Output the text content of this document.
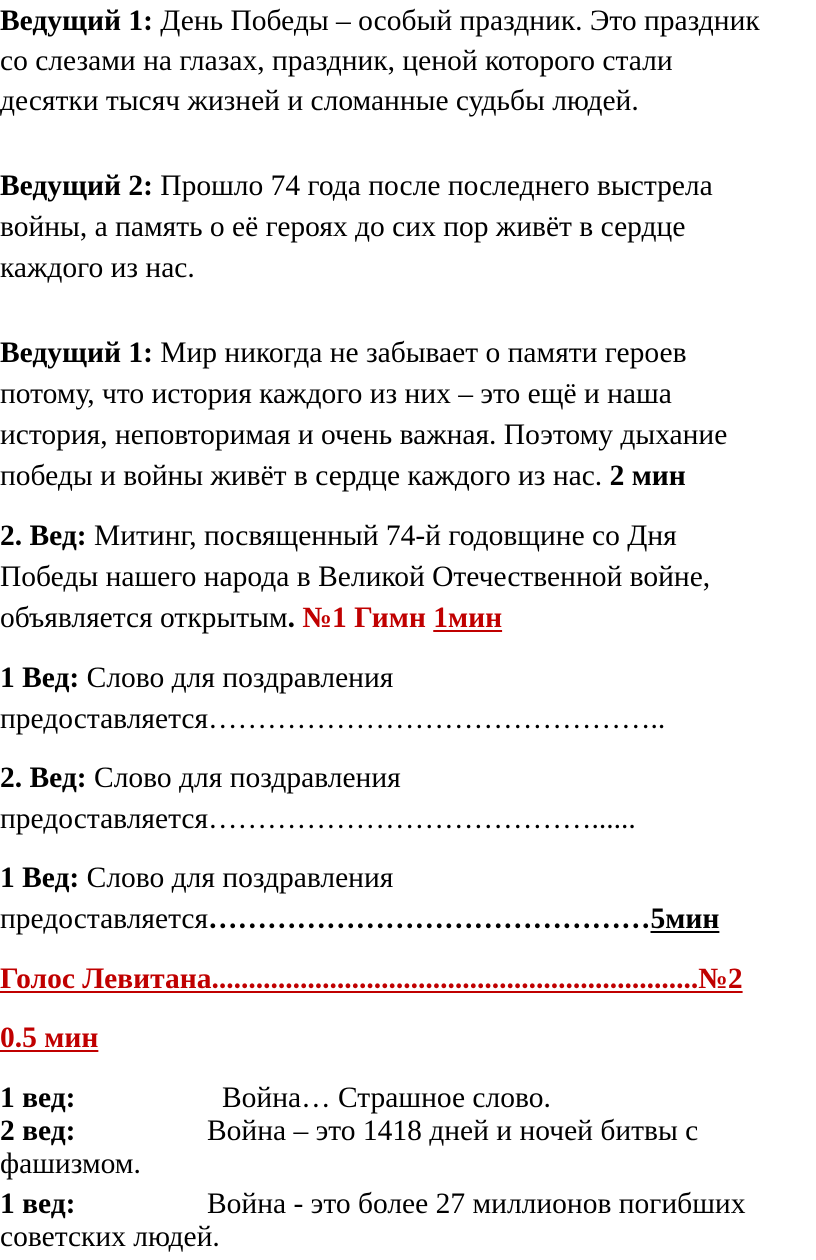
Ведущий 1: День Победы – особый праздник. Это праздник
со слезами на глазах, праздник, ценой которого стали
десятки тысяч жизней и сломанные судьбы людей.
Ведущий 2: Прошло 74 года после последнего выстрела
войны, а память о её героях до сих пор живёт в сердце
каждого из нас.
Ведущий 1: Мир никогда не забывает о памяти героев
потому, что история каждого из них – это ещё и наша
история, неповторимая и очень важная. Поэтому дыхание
победы и войны живёт в сердце каждого из нас. 2 мин
2. Вед: Митинг, посвященный 74-й годовщине со Дня
Победы нашего народа в Великой Отечественной войне,
объявляется открытым. №1 Гимн 1мин
1 Вед: Слово для поздравления
предоставляется………………………………………..
2. Вед: Слово для поздравления
предоставляется…………………………………......
1 Вед: Слово для поздравления
предоставляется………………………………………5мин
Голос Левитана..................................................................№2
0.5 мин
1 вед:	Война… Страшное слово.
2 вед:	Война – это 1418 дней и ночей битвы с
фашизмом.
1 вед:	Война - это более 27 миллионов погибших
советских людей.
